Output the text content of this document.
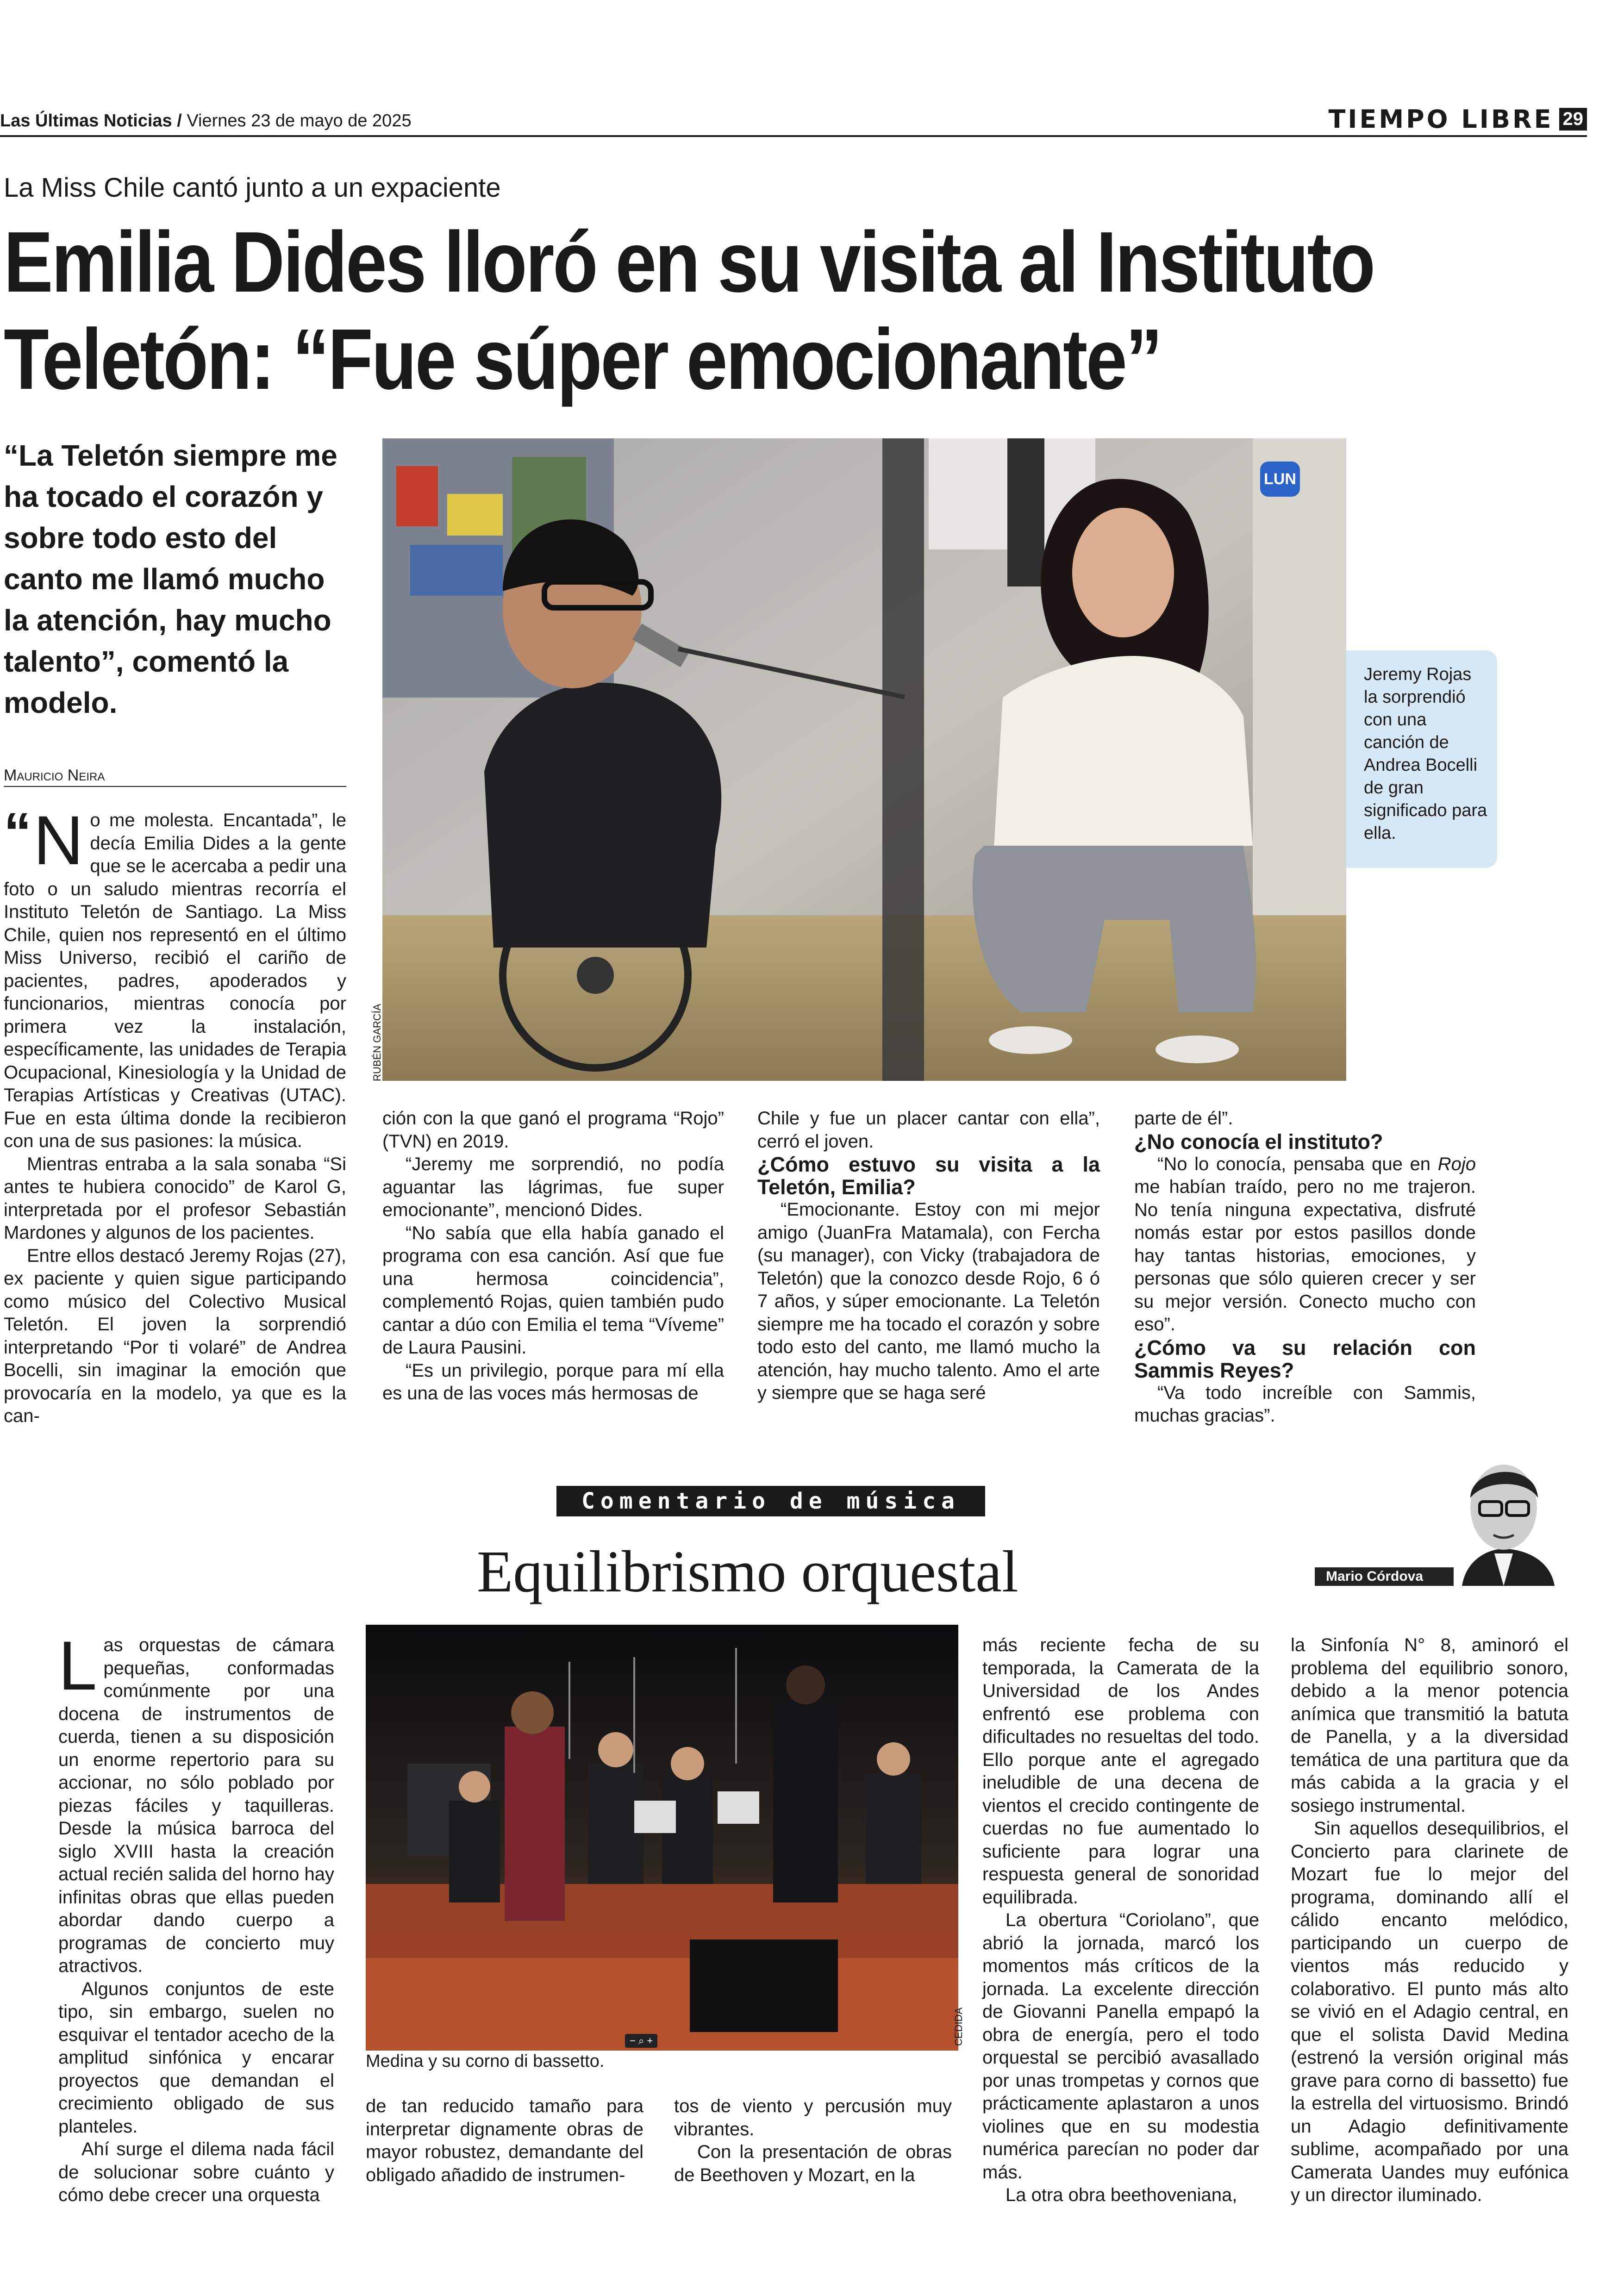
Las Últimas Noticias / Viernes 23 de mayo de 2025	TIEMPO LIBRE 29
La Miss Chile cantó junto a un expaciente
Emilia Dides lloró en su visita al Instituto
Teletón: “Fue súper emocionante”
“La Teletón siempre me ha tocado el corazón y sobre todo esto del canto me llamó mucho la atención, hay mucho talento”, comentó la modelo.
Mauricio Neira
LUN
RUBÉN GARCÍA
Jeremy Rojas la sorprendió con una canción de Andrea Bocelli de gran significado para ella.

“ N o me molesta. Encantada”, le decía Emilia Dides a la gente que se le acercaba a pedir una foto o un saludo mientras recorría el Instituto Teletón de Santiago. La Miss Chile, quien nos representó en el último Miss Universo, recibió el cariño de pacientes, padres, apoderados y funcionarios, mientras conocía por primera vez la instalación, específicamente, las unidades de Terapia Ocupacional, Kinesiología y la Unidad de Terapias Artísticas y Creativas (UTAC). Fue en esta última donde la recibieron con una de sus pasiones: la música.

Mientras entraba a la sala sonaba “Si antes te hubiera conocido” de Karol G, interpretada por el profesor Sebastián Mardones y algunos de los pacientes.

Entre ellos destacó Jeremy Rojas (27), ex paciente y quien sigue participando como músico del Colectivo Musical Teletón. El joven la sorprendió interpretando “Por ti volaré” de Andrea Bocelli, sin imaginar la emoción que provocaría en la modelo, ya que es la can-

ción con la que ganó el programa “Rojo” (TVN) en 2019.

“Jeremy me sorprendió, no podía aguantar las lágrimas, fue super emocionante”, mencionó Dides.

“No sabía que ella había ganado el programa con esa canción. Así que fue una hermosa coincidencia”, complementó Rojas, quien también pudo cantar a dúo con Emilia el tema “Víveme” de Laura Pausini.

“Es un privilegio, porque para mí ella es una de las voces más hermosas de

Chile y fue un placer cantar con ella”, cerró el joven.

¿Cómo estuvo su visita a la Teletón, Emilia?

“Emocionante. Estoy con mi mejor amigo (JuanFra Matamala), con Fercha (su manager), con Vicky (trabajadora de Teletón) que la conozco desde Rojo, 6 ó 7 años, y súper emocionante. La Teletón siempre me ha tocado el corazón y sobre todo esto del canto, me llamó mucho la atención, hay mucho talento. Amo el arte y siempre que se haga seré

parte de él”.

¿No conocía el instituto?

“No lo conocía, pensaba que en Rojo me habían traído, pero no me trajeron. No tenía ninguna expectativa, disfruté nomás estar por estos pasillos donde hay tantas historias, emociones, y personas que sólo quieren crecer y ser su mejor versión. Conecto mucho con eso”.

¿Cómo va su relación con Sammis Reyes?

“Va todo increíble con Sammis, muchas gracias”.

Comentario de música
Equilibrismo orquestal	Mario Córdova
− ⌕ +	CEDIDA
Medina y su corno di bassetto.

Las orquestas de cámara pequeñas, conformadas comúnmente por una docena de instrumentos de cuerda, tienen a su disposición un enorme repertorio para su accionar, no sólo poblado por piezas fáciles y taquilleras. Desde la música barroca del siglo XVIII hasta la creación actual recién salida del horno hay infinitas obras que ellas pueden abordar dando cuerpo a programas de concierto muy atractivos.

Algunos conjuntos de este tipo, sin embargo, suelen no esquivar el tentador acecho de la amplitud sinfónica y encarar proyectos que demandan el crecimiento obligado de sus planteles.

Ahí surge el dilema nada fácil de solucionar sobre cuánto y cómo debe crecer una orquesta

de tan reducido tamaño para interpretar dignamente obras de mayor robustez, demandante del obligado añadido de instrumen-

tos de viento y percusión muy vibrantes.

Con la presentación de obras de Beethoven y Mozart, en la

más reciente fecha de su temporada, la Camerata de la Universidad de los Andes enfrentó ese problema con dificultades no resueltas del todo. Ello porque ante el agregado ineludible de una decena de vientos el crecido contingente de cuerdas no fue aumentado lo suficiente para lograr una respuesta general de sonoridad equilibrada.

La obertura “Coriolano”, que abrió la jornada, marcó los momentos más críticos de la jornada. La excelente dirección de Giovanni Panella empapó la obra de energía, pero el todo orquestal se percibió avasallado por unas trompetas y cornos que prácticamente aplastaron a unos violines que en su modestia numérica parecían no poder dar más.

La otra obra beethoveniana,

la Sinfonía N° 8, aminoró el problema del equilibrio sonoro, debido a la menor potencia anímica que transmitió la batuta de Panella, y a la diversidad temática de una partitura que da más cabida a la gracia y el sosiego instrumental.

Sin aquellos desequilibrios, el Concierto para clarinete de Mozart fue lo mejor del programa, dominando allí el cálido encanto melódico, participando un cuerpo de vientos más reducido y colaborativo. El punto más alto se vivió en el Adagio central, en que el solista David Medina (estrenó la versión original más grave para corno di bassetto) fue la estrella del virtuosismo. Brindó un Adagio definitivamente sublime, acompañado por una Camerata Uandes muy eufónica y un director iluminado.
